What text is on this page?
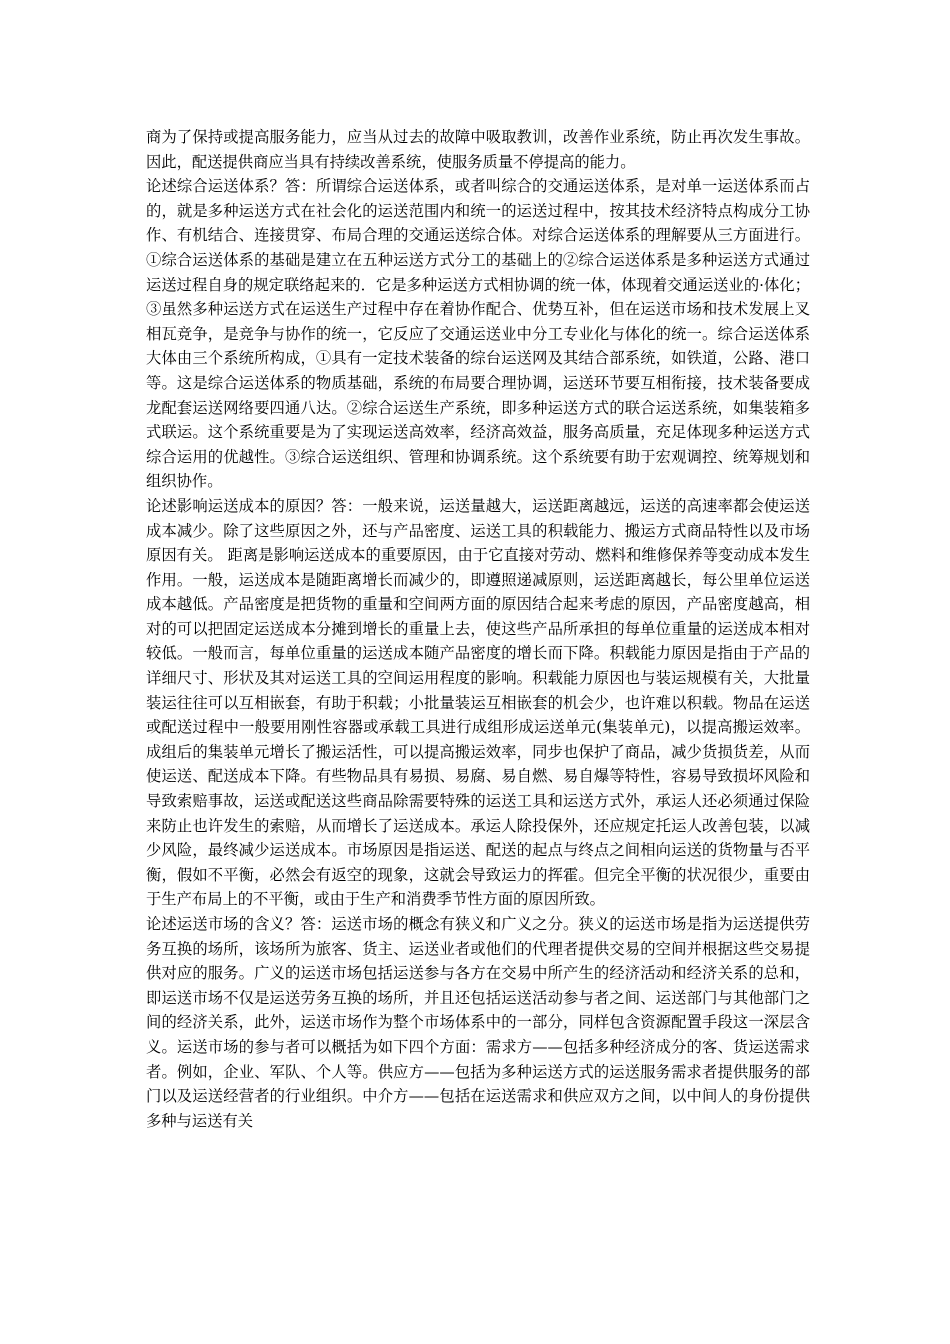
商为了保持或提高服务能力，应当从过去的故障中吸取教训，改善作业系统，防止再次发生事故。因此，配送提供商应当具有持续改善系统，使服务质量不停提高的能力。

论述综合运送体系？答：所谓综合运送体系，或者叫综合的交通运送体系，是对单一运送体系而占的，就是多种运送方式在社会化的运送范围内和统一的运送过程中，按其技术经济特点构成分工协作、有机结合、连接贯穿、布局合理的交通运送综合体。对综合运送体系的理解要从三方面进行。①综合运送体系的基础是建立在五种运送方式分工的基础上的②综合运送体系是多种运送方式通过运送过程自身的规定联络起来的．它是多种运送方式相协调的统一体，体现着交通运送业的·体化；③虽然多种运送方式在运送生产过程中存在着协作配合、优势互补，但在运送市场和技术发展上叉相瓦竞争，是竞争与协作的统一，它反应了交通运送业中分工专业化与体化的统一。综合运送体系大体由三个系统所构成，①具有一定技术装备的综台运送网及其结合部系统，如铁道，公路、港口等。这是综合运送体系的物质基础，系统的布局要合理协调，运送环节要互相衔接，技术装备要成龙配套运送网络要四通八达。②综合运送生产系统，即多种运送方式的联合运送系统，如集装箱多式联运。这个系统重要是为了实现运送高效率，经济高效益，服务高质量，充足体现多种运送方式综合运用的优越性。③综合运送组织、管理和协调系统。这个系统要有助于宏观调控、统筹规划和组织协作。

论述影响运送成本的原因？答：一般来说，运送量越大，运送距离越远，运送的高速率都会使运送成本减少。除了这些原因之外，还与产品密度、运送工具的积载能力、搬运方式商品特性以及市场原因有关。 距离是影响运送成本的重要原因，由于它直接对劳动、燃料和维修保养等变动成本发生作用。一般，运送成本是随距离增长而减少的，即遵照递减原则，运送距离越长，每公里单位运送成本越低。产品密度是把货物的重量和空间两方面的原因结合起来考虑的原因，产品密度越高，相对的可以把固定运送成本分摊到增长的重量上去，使这些产品所承担的每单位重量的运送成本相对较低。一般而言，每单位重量的运送成本随产品密度的增长而下降。积载能力原因是指由于产品的详细尺寸、形状及其对运送工具的空间运用程度的影响。积载能力原因也与装运规模有关，大批量装运往往可以互相嵌套，有助于积载；小批量装运互相嵌套的机会少，也许难以积载。物品在运送或配送过程中一般要用刚性容器或承载工具进行成组形成运送单元(集装单元)，以提高搬运效率。成组后的集装单元增长了搬运活性，可以提高搬运效率，同步也保护了商品，减少货损货差，从而使运送、配送成本下降。有些物品具有易损、易腐、易自燃、易自爆等特性，容易导致损坏风险和导致索赔事故，运送或配送这些商品除需要特殊的运送工具和运送方式外，承运人还必须通过保险来防止也许发生的索赔，从而增长了运送成本。承运人除投保外，还应规定托运人改善包装，以减少风险，最终减少运送成本。市场原因是指运送、配送的起点与终点之间相向运送的货物量与否平衡，假如不平衡，必然会有返空的现象，这就会导致运力的挥霍。但完全平衡的状况很少，重要由于生产布局上的不平衡，或由于生产和消费季节性方面的原因所致。

论述运送市场的含义？答：运送市场的概念有狭义和广义之分。狭义的运送市场是指为运送提供劳务互换的场所，该场所为旅客、货主、运送业者或他们的代理者提供交易的空间并根据这些交易提供对应的服务。广义的运送市场包括运送参与各方在交易中所产生的经济活动和经济关系的总和，即运送市场不仅是运送劳务互换的场所，并且还包括运送活动参与者之间、运送部门与其他部门之间的经济关系，此外，运送市场作为整个市场体系中的一部分，同样包含资源配置手段这一深层含义。运送市场的参与者可以概括为如下四个方面：需求方——包括多种经济成分的客、货运送需求者。例如，企业、军队、个人等。供应方——包括为多种运送方式的运送服务需求者提供服务的部门以及运送经营者的行业组织。中介方——包括在运送需求和供应双方之间，以中间人的身份提供多种与运送有关
